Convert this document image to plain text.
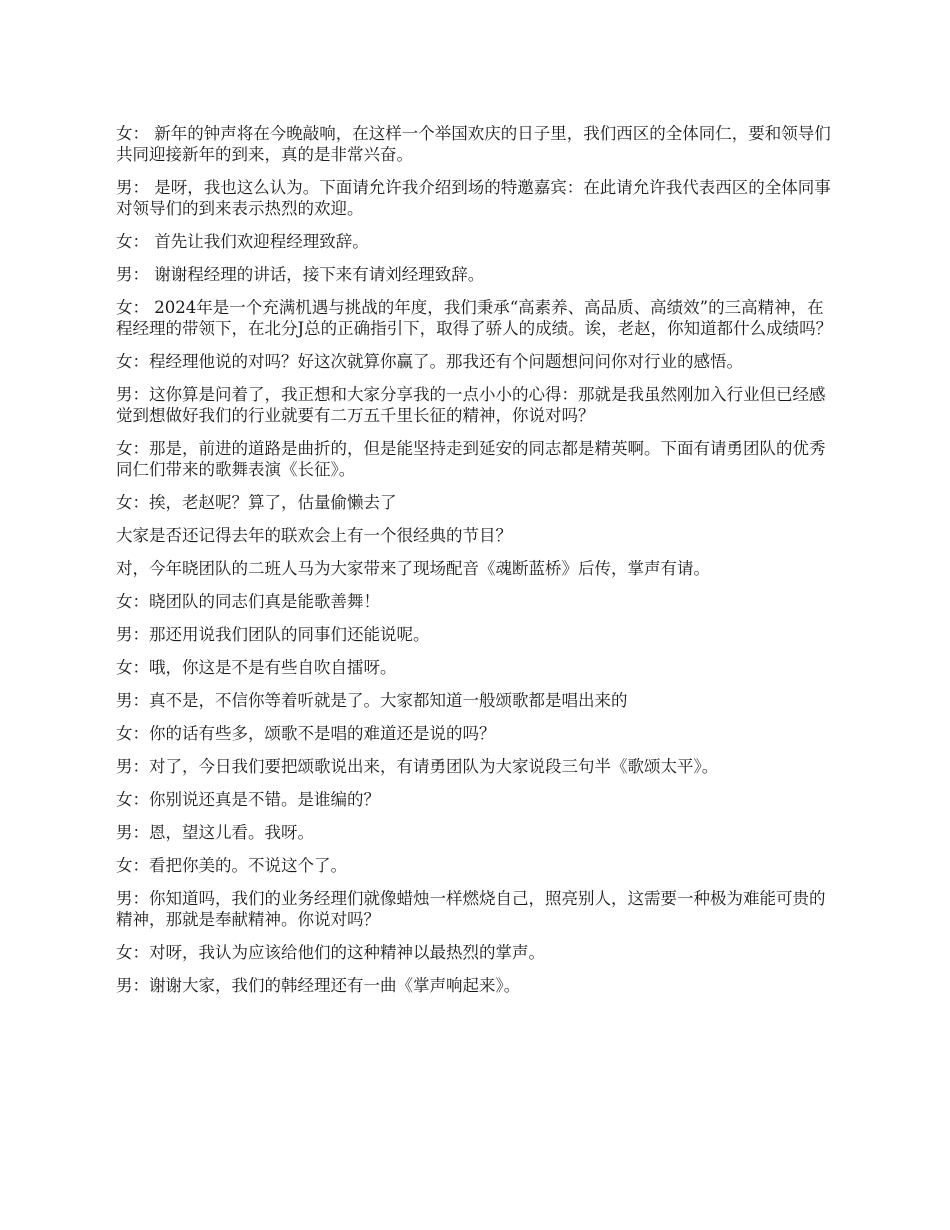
女： 新年的钟声将在今晚敲响，在这样一个举国欢庆的日子里，我们西区的全体同仁，要和领导们共同迎接新年的到来，真的是非常兴奋。

男： 是呀，我也这么认为。下面请允许我介绍到场的特邀嘉宾：在此请允许我代表西区的全体同事对领导们的到来表示热烈的欢迎。

女： 首先让我们欢迎程经理致辞。

男： 谢谢程经理的讲话，接下来有请刘经理致辞。

女： 2024年是一个充满机遇与挑战的年度，我们秉承“高素养、高品质、高绩效”的三高精神，在程经理的带领下，在北分J总的正确指引下，取得了骄人的成绩。诶，老赵，你知道都什么成绩吗？

女：程经理他说的对吗？好这次就算你赢了。那我还有个问题想问问你对行业的感悟。

男：这你算是问着了，我正想和大家分享我的一点小小的心得：那就是我虽然刚加入行业但已经感觉到想做好我们的行业就要有二万五千里长征的精神，你说对吗？

女：那是，前进的道路是曲折的，但是能坚持走到延安的同志都是精英啊。下面有请勇团队的优秀同仁们带来的歌舞表演《长征》。

女：挨，老赵呢？算了，估量偷懒去了

大家是否还记得去年的联欢会上有一个很经典的节目？

对，今年晓团队的二班人马为大家带来了现场配音《魂断蓝桥》后传，掌声有请。

女：晓团队的同志们真是能歌善舞！

男：那还用说我们团队的同事们还能说呢。

女：哦，你这是不是有些自吹自擂呀。

男：真不是，不信你等着听就是了。大家都知道一般颂歌都是唱出来的

女：你的话有些多，颂歌不是唱的难道还是说的吗？

男：对了，今日我们要把颂歌说出来，有请勇团队为大家说段三句半《歌颂太平》。

女：你别说还真是不错。是谁编的？

男：恩，望这儿看。我呀。

女：看把你美的。不说这个了。

男：你知道吗，我们的业务经理们就像蜡烛一样燃烧自己，照亮别人，这需要一种极为难能可贵的精神，那就是奉献精神。你说对吗？

女：对呀，我认为应该给他们的这种精神以最热烈的掌声。

男：谢谢大家，我们的韩经理还有一曲《掌声响起来》。
